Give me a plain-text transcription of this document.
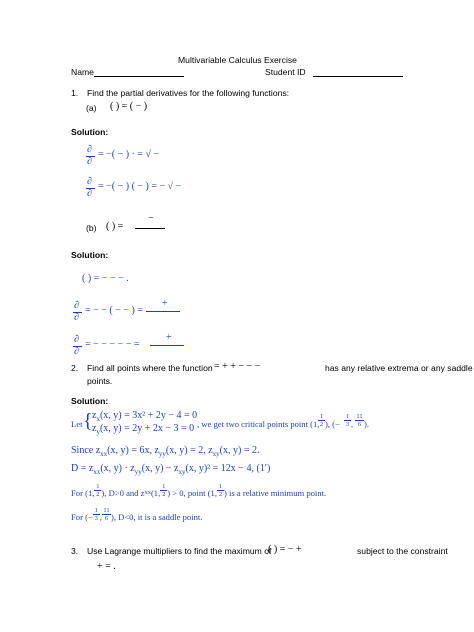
Multivariable Calculus Exercise
Name	Student ID
1. Find the partial derivatives for the following functions:
(a) ( ) = ( − )
Solution:
∂
∂
= −( − ) · = √ −
∂
∂
= −( − ) ( − ) = − √ −
(b) ( ) =
−
Solution:
( ) = − − − .
∂
∂
= − − ( − − ) =
+
∂
∂
= − − − − − =
+
2. Find all points where the function = + + − − −	has any relative extrema or any saddle
points.
Solution:
Let { $z_x(x$, y) = 3x² + 2y − 4 = 0
$z_y(x$, y) = 2y + 2x − 3 = 0 , we get two critical points point (1,
$\frac{1}{2}$ ), (− $\frac{1}{3}$ , $\frac{11}{6}$ ).
Since $z_{xx}(x$, y) = 6x, $z_{yy}(x$, y) = 2, $z_{xy}(x$, y) = 2.
$D = z_{xx}(x$, $y) \cdot z_{yy}(x$, $y) - z_{xy}(x$, y)² = 12x − 4, (1′)
For (1, $\frac{1}{2}$ ), D>0 and z xx (1, $\frac{1}{2}$ ) > 0, point (1, $\frac{1}{2}$ ) is a relative minimum point.
For (− $\frac{1}{3}$ , $\frac{11}{6}$ ), D<0, it is a saddle point.
3. Use Lagrange multipliers to find the maximum of
( ) = − +	subject to the constraint
+ = .
